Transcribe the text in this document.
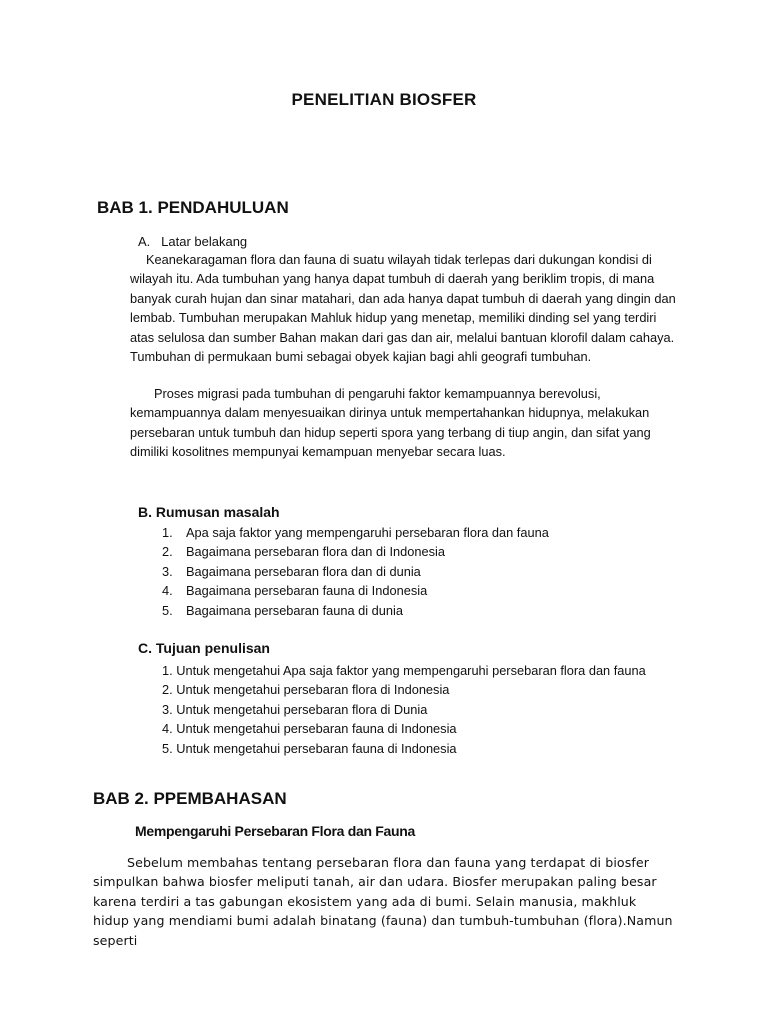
PENELITIAN BIOSFER
BAB 1. PENDAHULUAN
A. Latar belakang

Keanekaragaman flora dan fauna di suatu wilayah tidak terlepas dari dukungan kondisi di wilayah itu. Ada tumbuhan yang hanya dapat tumbuh di daerah yang beriklim tropis, di mana banyak curah hujan dan sinar matahari, dan ada hanya dapat tumbuh di daerah yang dingin dan lembab. Tumbuhan merupakan Mahluk hidup yang menetap, memiliki dinding sel yang terdiri atas selulosa dan sumber Bahan makan dari gas dan air, melalui bantuan klorofil dalam cahaya. Tumbuhan di permukaan bumi sebagai obyek kajian bagi ahli geografi tumbuhan.

Proses migrasi pada tumbuhan di pengaruhi faktor kemampuannya berevolusi, kemampuannya dalam menyesuaikan dirinya untuk mempertahankan hidupnya, melakukan persebaran untuk tumbuh dan hidup seperti spora yang terbang di tiup angin, dan sifat yang dimiliki kosolitnes mempunyai kemampuan menyebar secara luas.

B. Rumusan masalah
1. Apa saja faktor yang mempengaruhi persebaran flora dan fauna
2. Bagaimana persebaran flora dan di Indonesia
3. Bagaimana persebaran flora dan di dunia
4. Bagaimana persebaran fauna di Indonesia
5. Bagaimana persebaran fauna di dunia
C. Tujuan penulisan
1. Untuk mengetahui Apa saja faktor yang mempengaruhi persebaran flora dan fauna
2. Untuk mengetahui persebaran flora di Indonesia
3. Untuk mengetahui persebaran flora di Dunia
4. Untuk mengetahui persebaran fauna di Indonesia
5. Untuk mengetahui persebaran fauna di Indonesia
BAB 2. PPEMBAHASAN
Mempengaruhi Persebaran Flora dan Fauna

Sebelum membahas tentang persebaran flora dan fauna yang terdapat di biosfer simpulkan bahwa biosfer meliputi tanah, air dan udara. Biosfer merupakan paling besar karena terdiri a tas gabungan ekosistem yang ada di bumi. Selain manusia, makhluk hidup yang mendiami bumi adalah binatang (fauna) dan tumbuh-tumbuhan (flora).Namun seperti
